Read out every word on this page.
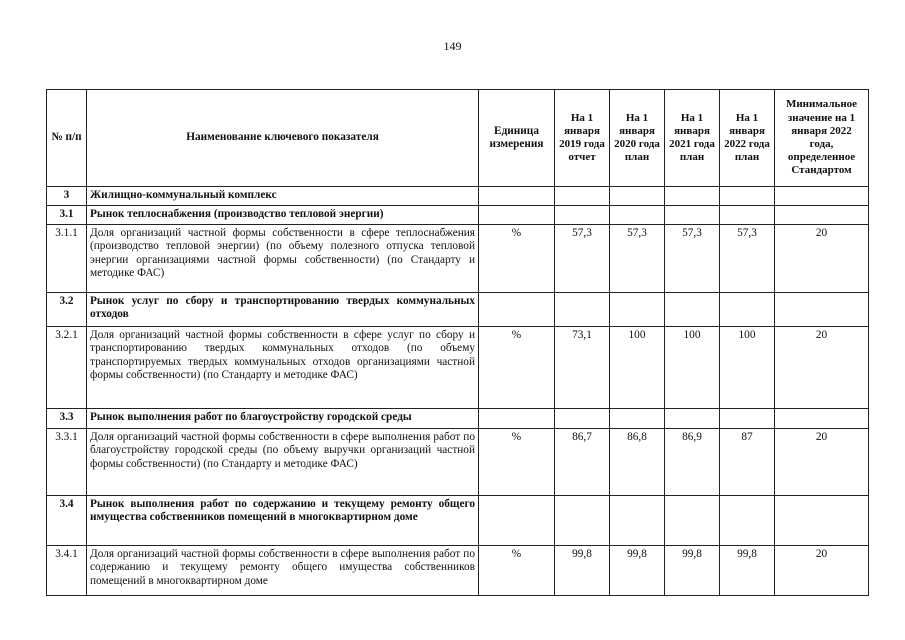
149
№ п/п	Наименование ключевого показателя	Единица измерения	На 1 января 2019 года отчет	На 1 января 2020 года план	На 1 января 2021 года план	На 1 января 2022 года план	Минимальное значение на 1 января 2022 года, определенное Стандартом
3	Жилищно-коммунальный комплекс						
3.1	Рынок теплоснабжения (производство тепловой энергии)						
3.1.1	Доля организаций частной формы собственности в сфере теплоснабжения (производство тепловой энергии) (по объему полезного отпуска тепловой энергии организациями частной формы собственности) (по Стандарту и методике ФАС)	%	57,3	57,3	57,3	57,3	20
3.2	Рынок услуг по сбору и транспортированию твердых коммунальных отходов						
3.2.1	Доля организаций частной формы собственности в сфере услуг по сбору и транспортированию твердых коммунальных отходов (по объему транспортируемых твердых коммунальных отходов организациями частной формы собственности) (по Стандарту и методике ФАС)	%	73,1	100	100	100	20
3.3	Рынок выполнения работ по благоустройству городской среды						
3.3.1	Доля организаций частной формы собственности в сфере выполнения работ по благоустройству городской среды (по объему выручки организаций частной формы собственности) (по Стандарту и методике ФАС)	%	86,7	86,8	86,9	87	20
3.4	Рынок выполнения работ по содержанию и текущему ремонту общего имущества собственников помещений в многоквартирном доме						
3.4.1	Доля организаций частной формы собственности в сфере выполнения работ по содержанию и текущему ремонту общего имущества собственников помещений в многоквартирном доме	%	99,8	99,8	99,8	99,8	20
